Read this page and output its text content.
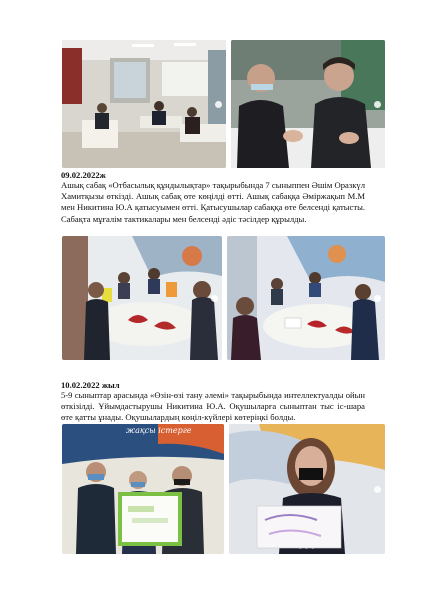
09.02.2022ж

Ашық сабақ «Отбасылық құндылықтар» тақырыбында 7 сыныппен Әшім Оразкүл Хамитқызы өткізді. Ашық сабақ өте көңілді өтті. Ашық сабаққа Әмiржақып М.М мен Никитина Ю.А қатысуымен өтті. Қатысушылар сабаққа өте белсенді қатысты. Сабақта мұғалім тактикалары мен белсенді әдіс тәсілдер құрылды.

10.02.2022 жыл

5-9 сыныптар арасында «Өзін-өзі тану әлемі» тақырыбында интеллектуалды ойын өткізілді. Ұйымдастырушы Никитина Ю.А. Оқушыларға сыныптан тыс іс-шара өте қатты ұнады. Оқушылардың көңіл-күйлері көтерiңкі болды.

жақсы істерге
● ● ●
